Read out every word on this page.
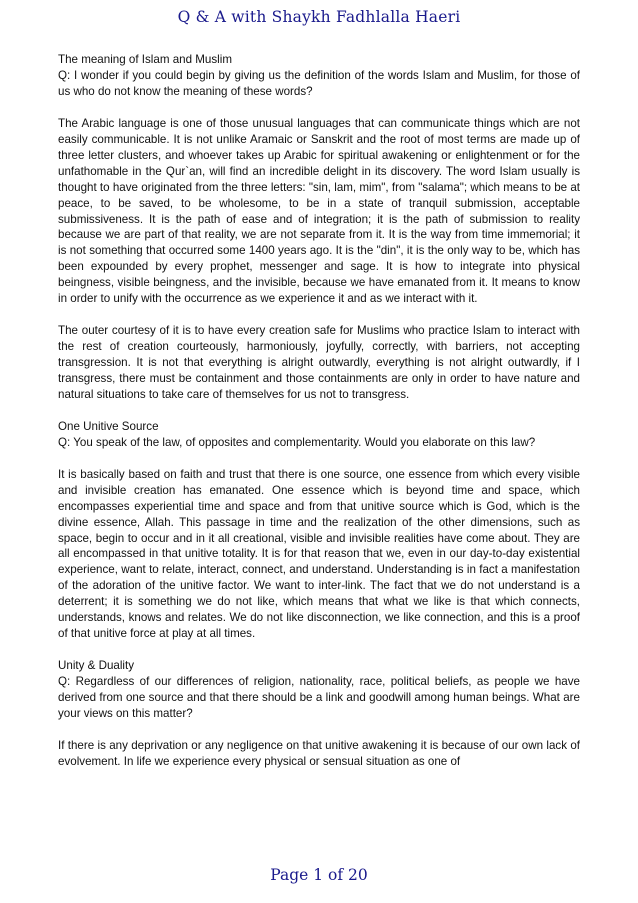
Q & A with Shaykh Fadhlalla Haeri

The meaning of Islam and Muslim
Q: I wonder if you could begin by giving us the definition of the words Islam and Muslim, for those of us who do not know the meaning of these words?

The Arabic language is one of those unusual languages that can communicate things which are not easily communicable. It is not unlike Aramaic or Sanskrit and the root of most terms are made up of three letter clusters, and whoever takes up Arabic for spiritual awakening or enlightenment or for the unfathomable in the Qur`an, will find an incredible delight in its discovery. The word Islam usually is thought to have originated from the three letters: "sin, lam, mim", from "salama"; which means to be at peace, to be saved, to be wholesome, to be in a state of tranquil submission, acceptable submissiveness. It is the path of ease and of integration; it is the path of submission to reality because we are part of that reality, we are not separate from it. It is the way from time immemorial; it is not something that occurred some 1400 years ago. It is the "din", it is the only way to be, which has been expounded by every prophet, messenger and sage. It is how to integrate into physical beingness, visible beingness, and the invisible, because we have emanated from it. It means to know in order to unify with the occurrence as we experience it and as we interact with it.

The outer courtesy of it is to have every creation safe for Muslims who practice Islam to interact with the rest of creation courteously, harmoniously, joyfully, correctly, with barriers, not accepting transgression. It is not that everything is alright outwardly, everything is not alright outwardly, if I transgress, there must be containment and those containments are only in order to have nature and natural situations to take care of themselves for us not to transgress.

One Unitive Source
Q: You speak of the law, of opposites and complementarity. Would you elaborate on this law?

It is basically based on faith and trust that there is one source, one essence from which every visible and invisible creation has emanated. One essence which is beyond time and space, which encompasses experiential time and space and from that unitive source which is God, which is the divine essence, Allah. This passage in time and the realization of the other dimensions, such as space, begin to occur and in it all creational, visible and invisible realities have come about. They are all encompassed in that unitive totality. It is for that reason that we, even in our day-to-day existential experience, want to relate, interact, connect, and understand. Understanding is in fact a manifestation of the adoration of the unitive factor. We want to inter-link. The fact that we do not understand is a deterrent; it is something we do not like, which means that what we like is that which connects, understands, knows and relates. We do not like disconnection, we like connection, and this is a proof of that unitive force at play at all times.

Unity & Duality
Q: Regardless of our differences of religion, nationality, race, political beliefs, as people we have derived from one source and that there should be a link and goodwill among human beings. What are your views on this matter?

If there is any deprivation or any negligence on that unitive awakening it is because of our own lack of evolvement. In life we experience every physical or sensual situation as one of

Page 1 of 20
